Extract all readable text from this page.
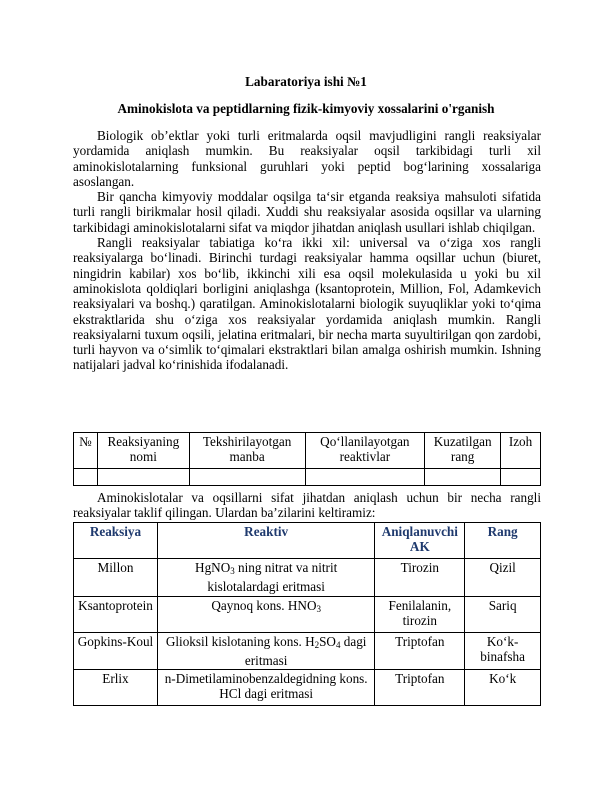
Labaratoriya ishi №1
Aminokislota va peptidlarning fizik-kimyoviy xossalarini o'rganish

Biologik ob’ektlar yoki turli eritmalarda oqsil mavjudligini rangli reaksiyalar yordamida aniqlash mumkin. Bu reaksiyalar oqsil tarkibidagi turli xil aminokislotalarning funksional guruhlari yoki peptid bog‘larining xossalariga asoslangan.

Bir qancha kimyoviy moddalar oqsilga ta‘sir etganda reaksiya mahsuloti sifatida turli rangli birikmalar hosil qiladi. Xuddi shu reaksiyalar asosida oqsillar va ularning tarkibidagi aminokislotalarni sifat va miqdor jihatdan aniqlash usullari ishlab chiqilgan.

Rangli reaksiyalar tabiatiga ko‘ra ikki xil: universal va o‘ziga xos rangli reaksiyalarga bo‘linadi. Birinchi turdagi reaksiyalar hamma oqsillar uchun (biuret, ningidrin kabilar) xos bo‘lib, ikkinchi xili esa oqsil molekulasida u yoki bu xil aminokislota qoldiqlari borligini aniqlashga (ksantoprotein, Million, Fol, Adamkevich reaksiyalari va boshq.) qaratilgan. Aminokislotalarni biologik suyuqliklar yoki to‘qima ekstraktlarida shu o‘ziga xos reaksiyalar yordamida aniqlash mumkin. Rangli reaksiyalarni tuxum oqsili, jelatina eritmalari, bir necha marta suyultirilgan qon zardobi, turli hayvon va o‘simlik to‘qimalari ekstraktlari bilan amalga oshirish mumkin. Ishning natijalari jadval ko‘rinishida ifodalanadi.

№	Reaksiyaning nomi	Tekshirilayotgan manba	Qo‘llanilayotgan reaktivlar	Kuzatilgan rang	Izoh

Aminokislotalar va oqsillarni sifat jihatdan aniqlash uchun bir necha rangli reaksiyalar taklif qilingan. Ulardan ba’zilarini keltiramiz:

Reaksiya	Reaktiv	Aniqlanuvchi AK	Rang
Millon	HgNO$_3$ ning nitrat va nitrit kislotalardagi eritmasi	Tirozin	Qizil
Ksantoprotein	Qaynoq kons. $HNO_3$	Fenilalanin, tirozin	Sariq
Gopkins-Koul	Glioksil kislotaning kons. $H_2SO_4$ dagi eritmasi	Triptofan	Ko‘k-binafsha
Erlix	n-Dimetilaminobenzaldegidning kons. HCl dagi eritmasi	Triptofan	Ko‘k
